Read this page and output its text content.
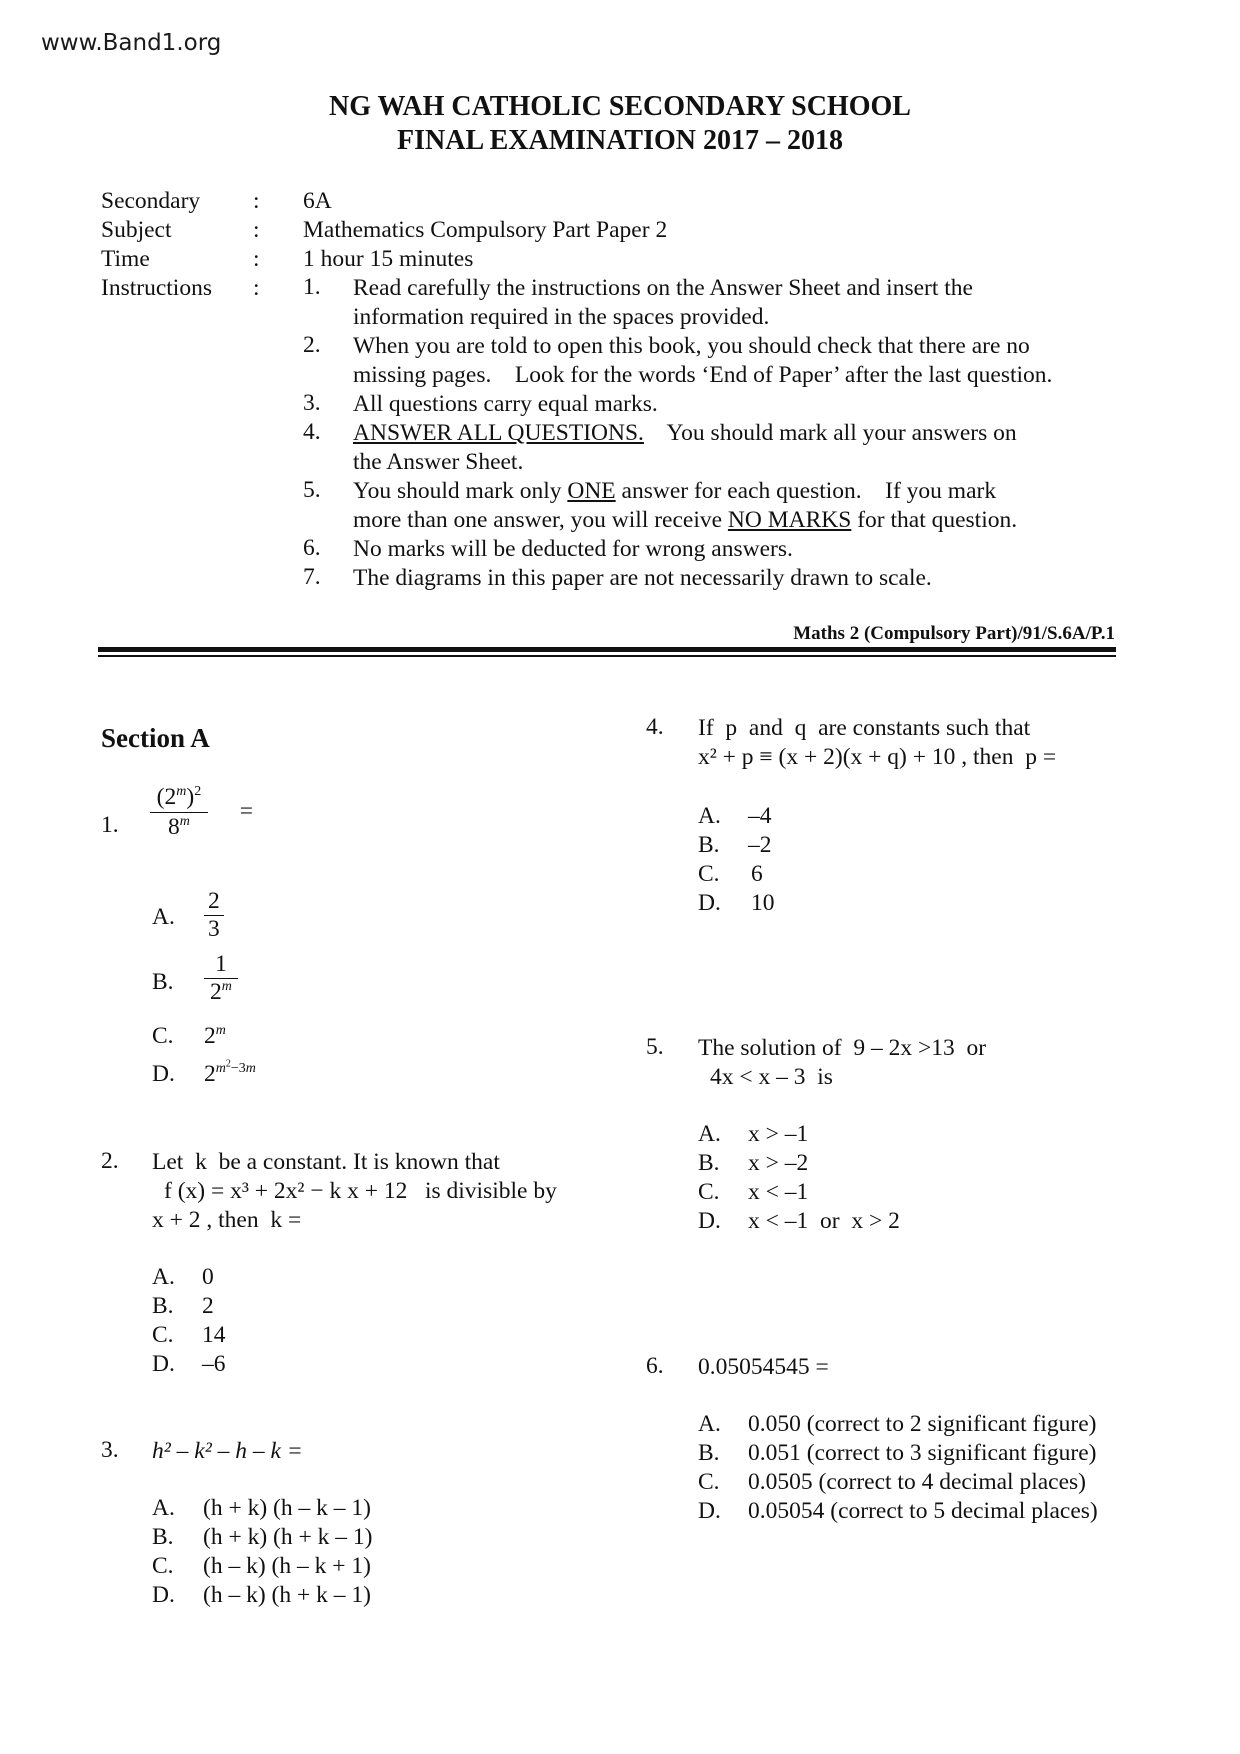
www.Band1.org
NG WAH CATHOLIC SECONDARY SCHOOL
FINAL EXAMINATION 2017 – 2018
Secondary : 6A
Subject	: Mathematics Compulsory Part Paper 2
Time	: 1 hour 15 minutes
Instructions : 1. Read carefully the instructions on the Answer Sheet and insert the
information required in the spaces provided.
2. When you are told to open this book, you should check that there are no
missing pages.    Look for the words ‘End of Paper’ after the last question.
3. All questions carry equal marks.
4. ANSWER ALL QUESTIONS.    You should mark all your answers on
the Answer Sheet.
5. You should mark only ONE answer for each question.    If you mark
more than one answer, you will receive NO MARKS for that question.
6. No marks will be deducted for wrong answers.
7. The diagrams in this paper are not necessarily drawn to scale.
Maths 2 (Compulsory Part)/91/S.6A/P.1
Section A
1. $\frac{(2^m)^2}{8^m}$ =
A. $\frac{2}{3}$
B. $\frac{1}{2^m}$
C. 2$^m$
D. $2^{m^2-3m}$
2. Let  k  be a constant. It is known that
f (x) = x³ + 2x² − k x + 12   is divisible by
x + 2 , then  k =
A. 0
B. 2
C. 14
D. –6
3. h² – k² – h – k =
A. (h + k) (h – k – 1)
B. (h + k) (h + k – 1)
C. (h – k) (h – k + 1)
D. (h – k) (h + k – 1)
4. If  p  and  q  are constants such that
x² + p ≡ (x + 2)(x + q) + 10 , then  p =
A. –4
B. –2
C. 6
D. 10
5. The solution of  9 – 2x >13  or
4x < x – 3  is
A. x > –1
B. x > –2
C. x < –1
D. x < –1  or  x > 2
6. 0.05054545 =
A. 0.050 (correct to 2 significant figure)
B. 0.051 (correct to 3 significant figure)
C. 0.0505 (correct to 4 decimal places)
D. 0.05054 (correct to 5 decimal places)
